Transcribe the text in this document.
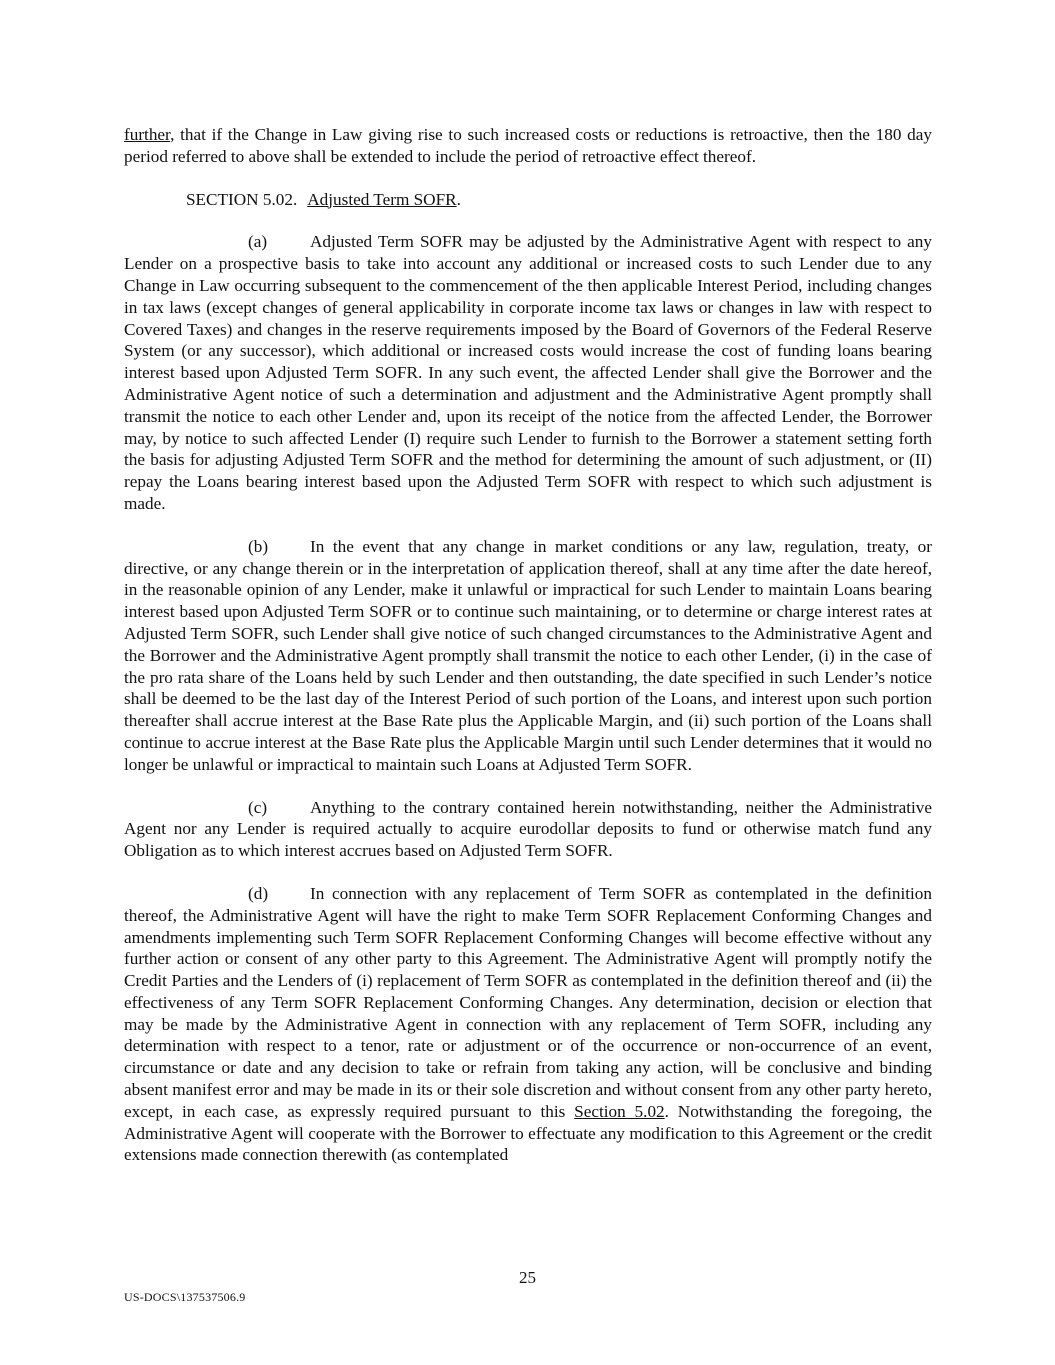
further, that if the Change in Law giving rise to such increased costs or reductions is retroactive, then the 180 day period referred to above shall be extended to include the period of retroactive effect thereof.

SECTION 5.02. Adjusted Term SOFR.

(a) Adjusted Term SOFR may be adjusted by the Administrative Agent with respect to any Lender on a prospective basis to take into account any additional or increased costs to such Lender due to any Change in Law occurring subsequent to the commencement of the then applicable Interest Period, including changes in tax laws (except changes of general applicability in corporate income tax laws or changes in law with respect to Covered Taxes) and changes in the reserve requirements imposed by the Board of Governors of the Federal Reserve System (or any successor), which additional or increased costs would increase the cost of funding loans bearing interest based upon Adjusted Term SOFR. In any such event, the affected Lender shall give the Borrower and the Administrative Agent notice of such a determination and adjustment and the Administrative Agent promptly shall transmit the notice to each other Lender and, upon its receipt of the notice from the affected Lender, the Borrower may, by notice to such affected Lender (I) require such Lender to furnish to the Borrower a statement setting forth the basis for adjusting Adjusted Term SOFR and the method for determining the amount of such adjustment, or (II) repay the Loans bearing interest based upon the Adjusted Term SOFR with respect to which such adjustment is made.

(b) In the event that any change in market conditions or any law, regulation, treaty, or directive, or any change therein or in the interpretation of application thereof, shall at any time after the date hereof, in the reasonable opinion of any Lender, make it unlawful or impractical for such Lender to maintain Loans bearing interest based upon Adjusted Term SOFR or to continue such maintaining, or to determine or charge interest rates at Adjusted Term SOFR, such Lender shall give notice of such changed circumstances to the Administrative Agent and the Borrower and the Administrative Agent promptly shall transmit the notice to each other Lender, (i) in the case of the pro rata share of the Loans held by such Lender and then outstanding, the date specified in such Lender’s notice shall be deemed to be the last day of the Interest Period of such portion of the Loans, and interest upon such portion thereafter shall accrue interest at the Base Rate plus the Applicable Margin, and (ii) such portion of the Loans shall continue to accrue interest at the Base Rate plus the Applicable Margin until such Lender determines that it would no longer be unlawful or impractical to maintain such Loans at Adjusted Term SOFR.

(c) Anything to the contrary contained herein notwithstanding, neither the Administrative Agent nor any Lender is required actually to acquire eurodollar deposits to fund or otherwise match fund any Obligation as to which interest accrues based on Adjusted Term SOFR.

(d) In connection with any replacement of Term SOFR as contemplated in the definition thereof, the Administrative Agent will have the right to make Term SOFR Replacement Conforming Changes and amendments implementing such Term SOFR Replacement Conforming Changes will become effective without any further action or consent of any other party to this Agreement. The Administrative Agent will promptly notify the Credit Parties and the Lenders of (i) replacement of Term SOFR as contemplated in the definition thereof and (ii) the effectiveness of any Term SOFR Replacement Conforming Changes. Any determination, decision or election that may be made by the Administrative Agent in connection with any replacement of Term SOFR, including any determination with respect to a tenor, rate or adjustment or of the occurrence or non-occurrence of an event, circumstance or date and any decision to take or refrain from taking any action, will be conclusive and binding absent manifest error and may be made in its or their sole discretion and without consent from any other party hereto, except, in each case, as expressly required pursuant to this Section 5.02. Notwithstanding the foregoing, the Administrative Agent will cooperate with the Borrower to effectuate any modification to this Agreement or the credit extensions made connection therewith (as contemplated

25
US-DOCS\137537506.9
